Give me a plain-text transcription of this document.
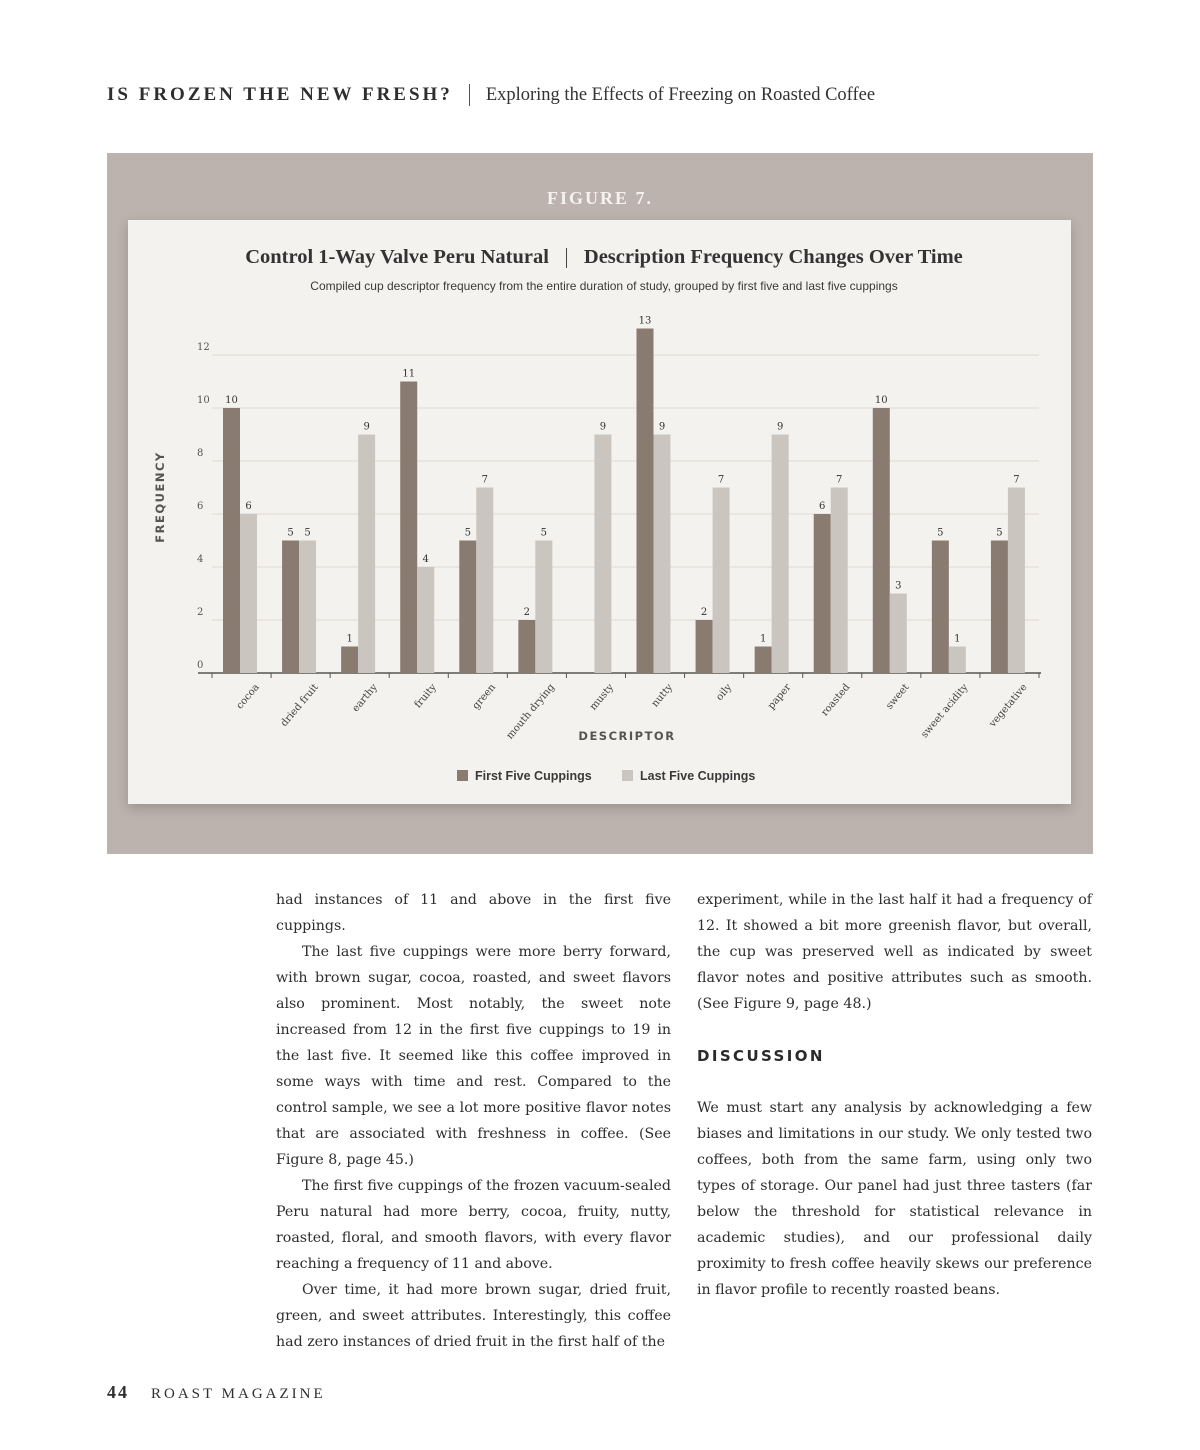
IS FROZEN THE NEW FRESH? Exploring the Effects of Freezing on Roasted Coffee
FIGURE 7.
Control 1-Way Valve Peru Natural Description Frequency Changes Over Time
Compiled cup descriptor frequency from the entire duration of study, grouped by first five and last five cuppings
0
2
4
6
8
10
12
10
6
cocoa
5 5
dried fruit
1
9
earthy
11
4
fruity
5
7
green
2
5
mouth drying
9
musty
13
9
nutty
2
7
oily
1
9
paper
6
7
roasted
10
3
sweet
5
1
sweet acidity
5
7
vegetative
DESCRIPTOR
FREQUENCY
First Five Cuppings	Last Five Cuppings

had instances of 11 and above in the first five cuppings.

The last five cuppings were more berry forward, with brown sugar, cocoa, roasted, and sweet flavors also prominent. Most notably, the sweet note increased from 12 in the first five cuppings to 19 in the last five. It seemed like this coffee improved in some ways with time and rest. Compared to the control sample, we see a lot more positive flavor notes that are associated with freshness in coffee. (See Figure 8, page 45.)

The first five cuppings of the frozen vacuum-sealed Peru natural had more berry, cocoa, fruity, nutty, roasted, floral, and smooth flavors, with every flavor reaching a frequency of 11 and above.

Over time, it had more brown sugar, dried fruit, green, and sweet attributes. Interestingly, this coffee had zero instances of dried fruit in the first half of the

experiment, while in the last half it had a frequency of 12. It showed a bit more greenish flavor, but overall, the cup was preserved well as indicated by sweet flavor notes and positive attributes such as smooth. (See Figure 9, page 48.)

DISCUSSION

We must start any analysis by acknowledging a few biases and limitations in our study. We only tested two coffees, both from the same farm, using only two types of storage. Our panel had just three tasters (far below the threshold for statistical relevance in academic studies), and our professional daily proximity to fresh coffee heavily skews our preference in flavor profile to recently roasted beans.

44 ROAST MAGAZINE
